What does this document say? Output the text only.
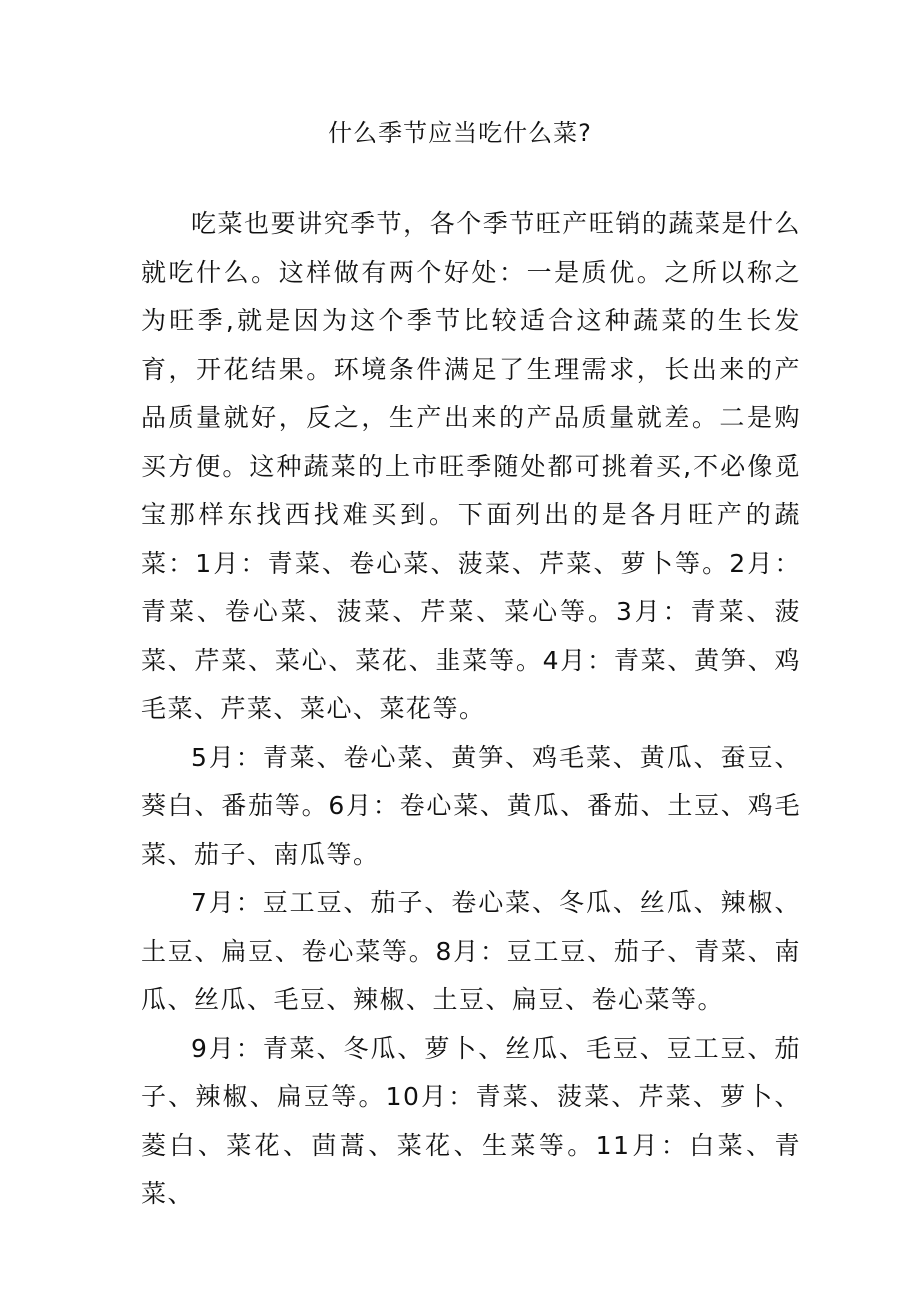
什么季节应当吃什么菜?

吃菜也要讲究季节，各个季节旺产旺销的蔬菜是什么就吃什么。这样做有两个好处：一是质优。之所以称之为旺季,就是因为这个季节比较适合这种蔬菜的生长发育，开花结果。环境条件满足了生理需求，长出来的产品质量就好，反之，生产出来的产品质量就差。二是购买方便。这种蔬菜的上市旺季随处都可挑着买,不必像觅宝那样东找西找难买到。下面列出的是各月旺产的蔬菜：1月：青菜、卷心菜、菠菜、芹菜、萝卜等。2月：青菜、卷心菜、菠菜、芹菜、菜心等。3月：青菜、菠菜、芹菜、菜心、菜花、韭菜等。4月：青菜、黄笋、鸡毛菜、芹菜、菜心、菜花等。

5月：青菜、卷心菜、黄笋、鸡毛菜、黄瓜、蚕豆、葵白、番茄等。6月：卷心菜、黄瓜、番茄、土豆、鸡毛菜、茄子、南瓜等。

7月：豆工豆、茄子、卷心菜、冬瓜、丝瓜、辣椒、土豆、扁豆、卷心菜等。8月：豆工豆、茄子、青菜、南瓜、丝瓜、毛豆、辣椒、土豆、扁豆、卷心菜等。

9月：青菜、冬瓜、萝卜、丝瓜、毛豆、豆工豆、茄子、辣椒、扁豆等。10月：青菜、菠菜、芹菜、萝卜、菱白、菜花、茴蒿、菜花、生菜等。11月：白菜、青菜、
